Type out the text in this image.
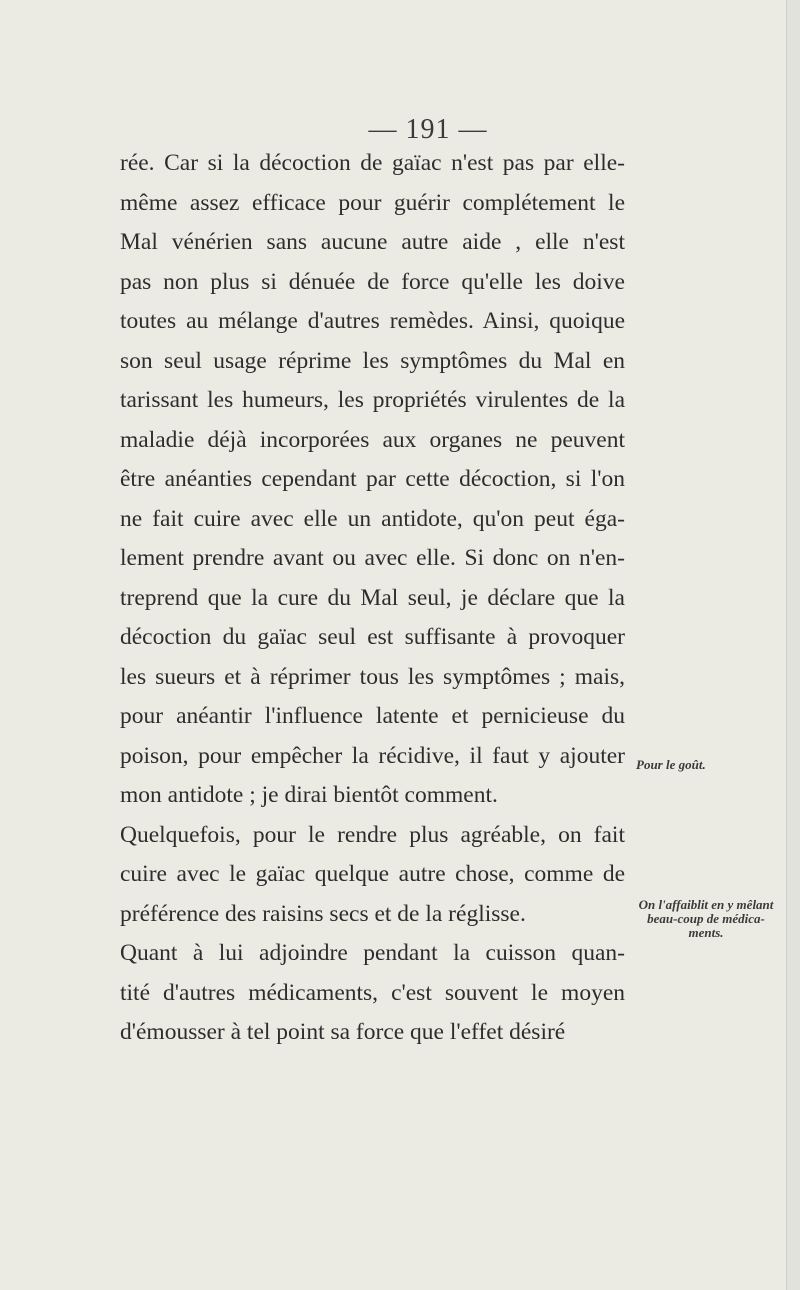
— 191 —

rée. Car si la décoction de gaïac n'est pas par elle-
même assez efficace pour guérir complétement le
Mal vénérien sans aucune autre aide , elle n'est
pas non plus si dénuée de force qu'elle les doive
toutes au mélange d'autres remèdes. Ainsi, quoique
son seul usage réprime les symptômes du Mal en
tarissant les humeurs, les propriétés virulentes de la
maladie déjà incorporées aux organes ne peuvent
être anéanties cependant par cette décoction, si l'on
ne fait cuire avec elle un antidote, qu'on peut éga-
lement prendre avant ou avec elle. Si donc on n'en-
treprend que la cure du Mal seul, je déclare que la
décoction du gaïac seul est suffisante à provoquer
les sueurs et à réprimer tous les symptômes ; mais,
pour anéantir l'influence latente et pernicieuse du
poison, pour empêcher la récidive, il faut y ajouter
mon antidote ; je dirai bientôt comment.

Quelquefois, pour le rendre plus agréable, on fait
cuire avec le gaïac quelque autre chose, comme de
préférence des raisins secs et de la réglisse.

Quant à lui adjoindre pendant la cuisson quan-
tité d'autres médicaments, c'est souvent le moyen
d'émousser à tel point sa force que l'effet désiré

Pour le goût.
On l'affaiblit en y mêlant beau-coup de médica-ments.
